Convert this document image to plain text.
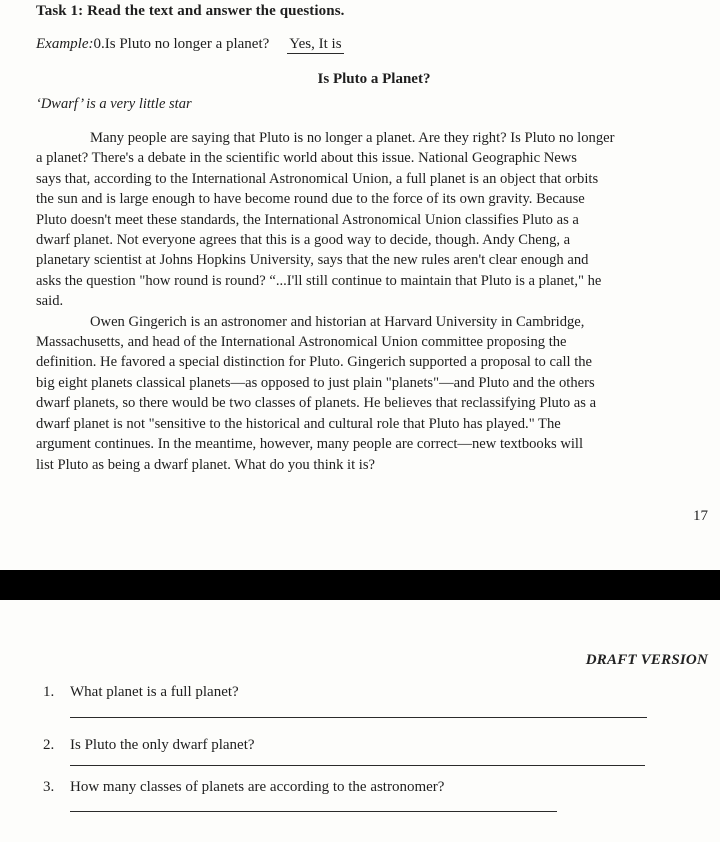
Task 1: Read the text and answer the questions.
Example:0.Is Pluto no longer a planet? Yes, It is
Is Pluto a Planet?
‘Dwarf’ is a very little star
Many people are saying that Pluto is no longer a planet. Are they right? Is Pluto no longer
a planet? There's a debate in the scientific world about this issue. National Geographic News
says that, according to the International Astronomical Union, a full planet is an object that orbits
the sun and is large enough to have become round due to the force of its own gravity. Because
Pluto doesn't meet these standards, the International Astronomical Union classifies Pluto as a
dwarf planet. Not everyone agrees that this is a good way to decide, though. Andy Cheng, a
planetary scientist at Johns Hopkins University, says that the new rules aren't clear enough and
asks the question "how round is round? “...I'll still continue to maintain that Pluto is a planet," he
said.
Owen Gingerich is an astronomer and historian at Harvard University in Cambridge,
Massachusetts, and head of the International Astronomical Union committee proposing the
definition. He favored a special distinction for Pluto. Gingerich supported a proposal to call the
big eight planets classical planets—as opposed to just plain "planets"—and Pluto and the others
dwarf planets, so there would be two classes of planets. He believes that reclassifying Pluto as a
dwarf planet is not "sensitive to the historical and cultural role that Pluto has played." The
argument continues. In the meantime, however, many people are correct—new textbooks will
list Pluto as being a dwarf planet. What do you think it is?
17
DRAFT VERSION
1.	What planet is a full planet?
2.	Is Pluto the only dwarf planet?
3.	How many classes of planets are according to the astronomer?
